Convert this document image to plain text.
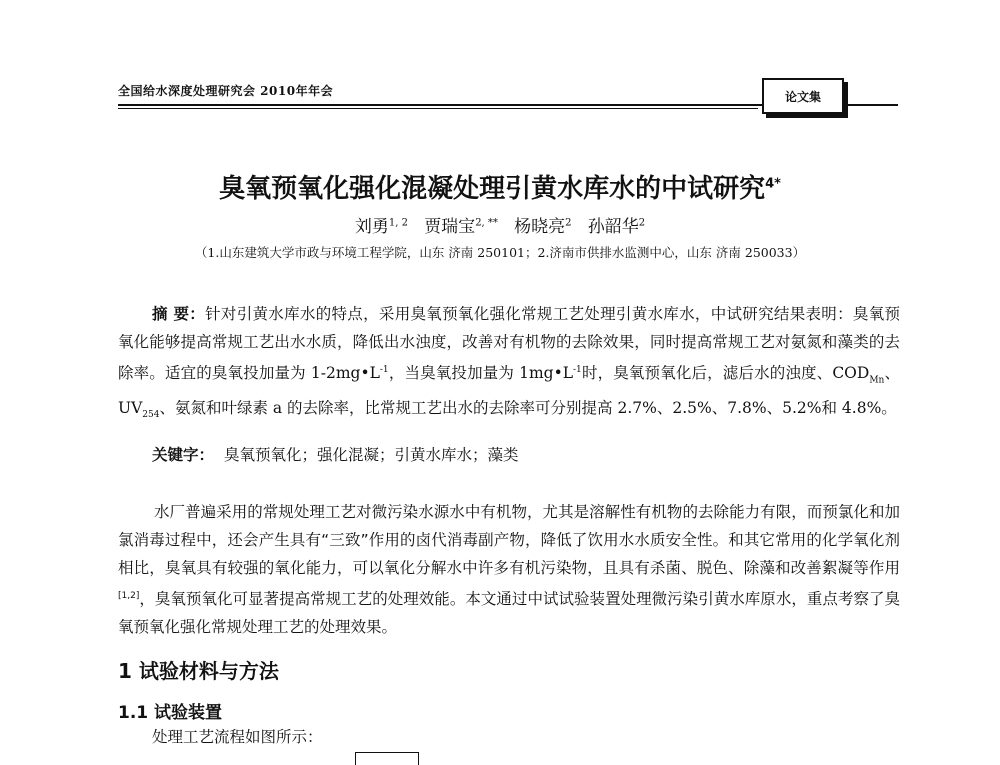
全国给水深度处理研究会 2010年年会	论文集
臭氧预氧化强化混凝处理引黄水库水的中试研究$^{4*}$
刘勇$^{1, 2}$ 贾瑞宝$^{2, **}$ 杨晓亮$^2$ 孙韶华$^2$
（1.山东建筑大学市政与环境工程学院，山东 济南 250101；2.济南市供排水监测中心，山东 济南 250033）
摘 要：针对引黄水库水的特点，采用臭氧预氧化强化常规工艺处理引黄水库水，中试研究结果表明：臭氧预氧化能够提高常规工艺出水水质，降低出水浊度，改善对有机物的去除效果，同时提高常规工艺对氨氮和藻类的去除率。适宜的臭氧投加量为 $1-2mg•L^{-1}$，当臭氧投加量为 $1mg•L^{-1}$时，臭氧预氧化后，滤后水的浊度、$COD_{Mn}$、$UV_{254}$、氨氮和叶绿素 a 的去除率，比常规工艺出水的去除率可分别提高 2.7%、2.5%、7.8%、5.2%和 4.8%。
关键字： 臭氧预氧化；强化混凝；引黄水库水；藻类
水厂普遍采用的常规处理工艺对微污染水源水中有机物，尤其是溶解性有机物的去除能力有限，而预氯化和加氯消毒过程中，还会产生具有“三致”作用的卤代消毒副产物，降低了饮用水水质安全性。和其它常用的化学氧化剂相比，臭氧具有较强的氧化能力，可以氧化分解水中许多有机污染物，且具有杀菌、脱色、除藻和改善絮凝等作用[1,2]，臭氧预氧化可显著提高常规工艺的处理效能。本文通过中试试验装置处理微污染引黄水库原水，重点考察了臭氧预氧化强化常规处理工艺的处理效果。
1 试验材料与方法
1.1 试验装置
处理工艺流程如图所示：
